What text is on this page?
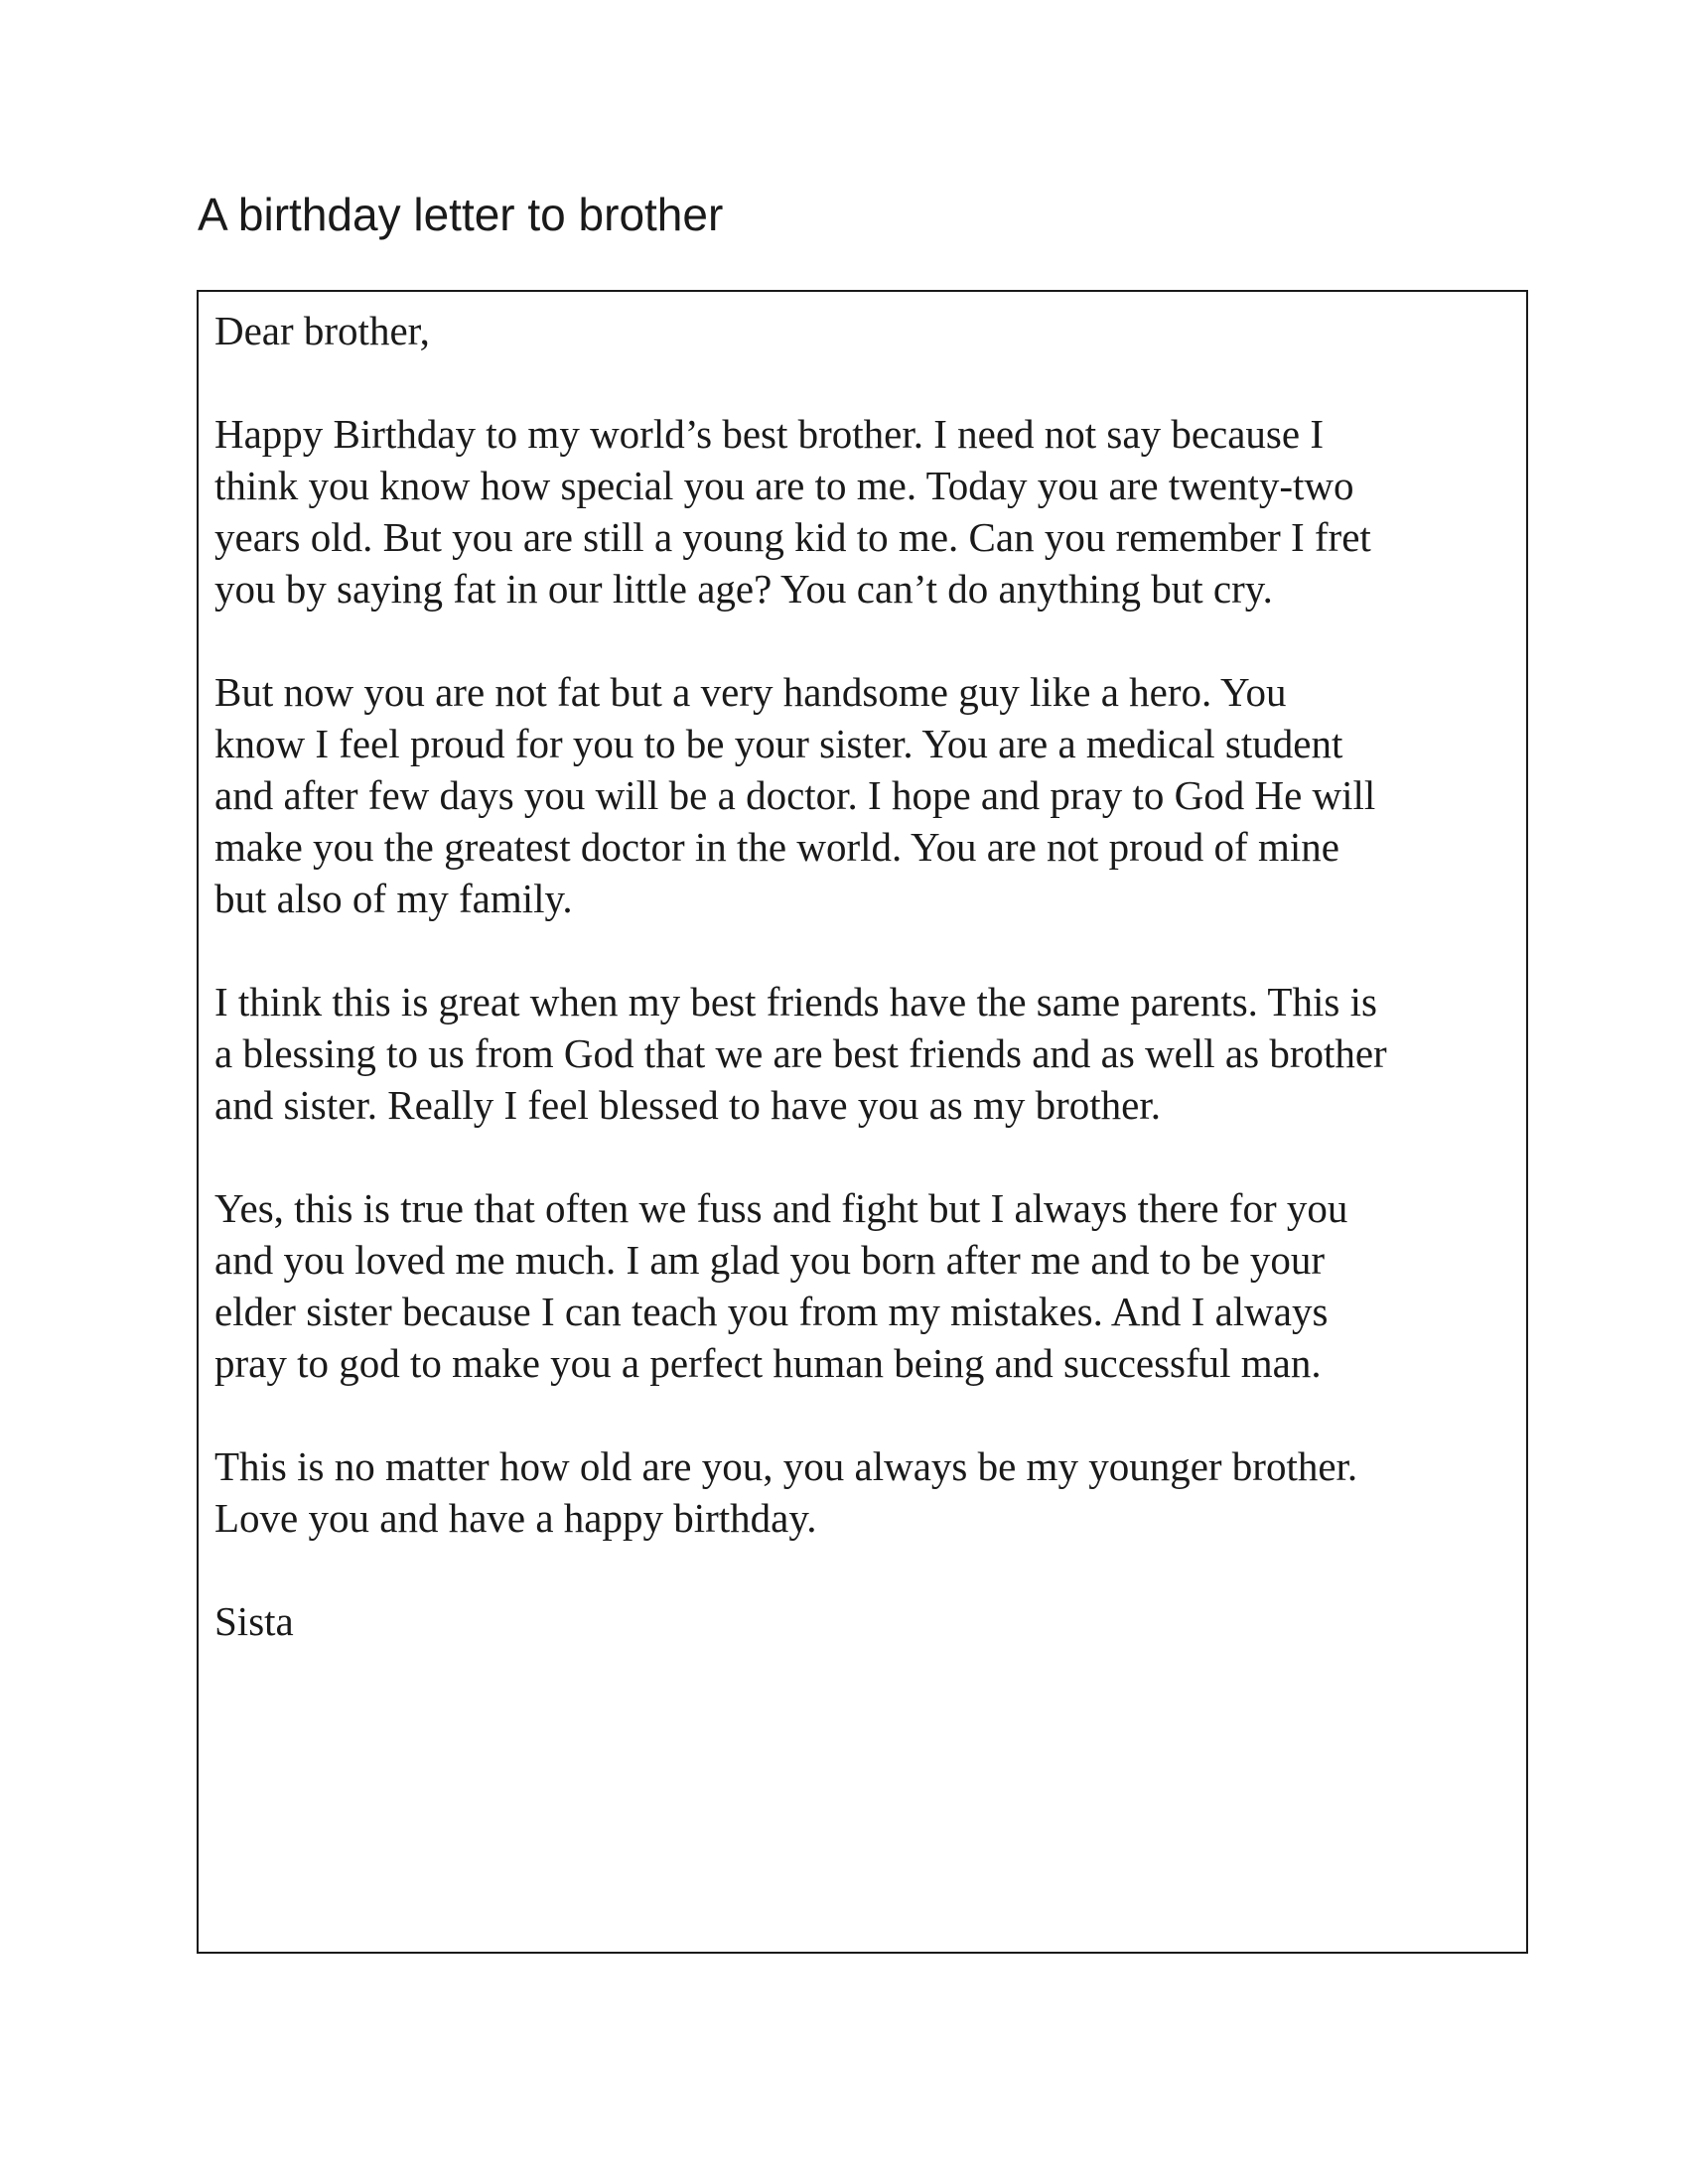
A birthday letter to brother

Dear brother,

Happy Birthday to my world’s best brother. I need not say because I
think you know how special you are to me. Today you are twenty-two
years old. But you are still a young kid to me. Can you remember I fret
you by saying fat in our little age? You can’t do anything but cry.

But now you are not fat but a very handsome guy like a hero. You
know I feel proud for you to be your sister. You are a medical student
and after few days you will be a doctor. I hope and pray to God He will
make you the greatest doctor in the world. You are not proud of mine
but also of my family.

I think this is great when my best friends have the same parents. This is
a blessing to us from God that we are best friends and as well as brother
and sister. Really I feel blessed to have you as my brother.

Yes, this is true that often we fuss and fight but I always there for you
and you loved me much. I am glad you born after me and to be your
elder sister because I can teach you from my mistakes. And I always
pray to god to make you a perfect human being and successful man.

This is no matter how old are you, you always be my younger brother.
Love you and have a happy birthday.

Sista
